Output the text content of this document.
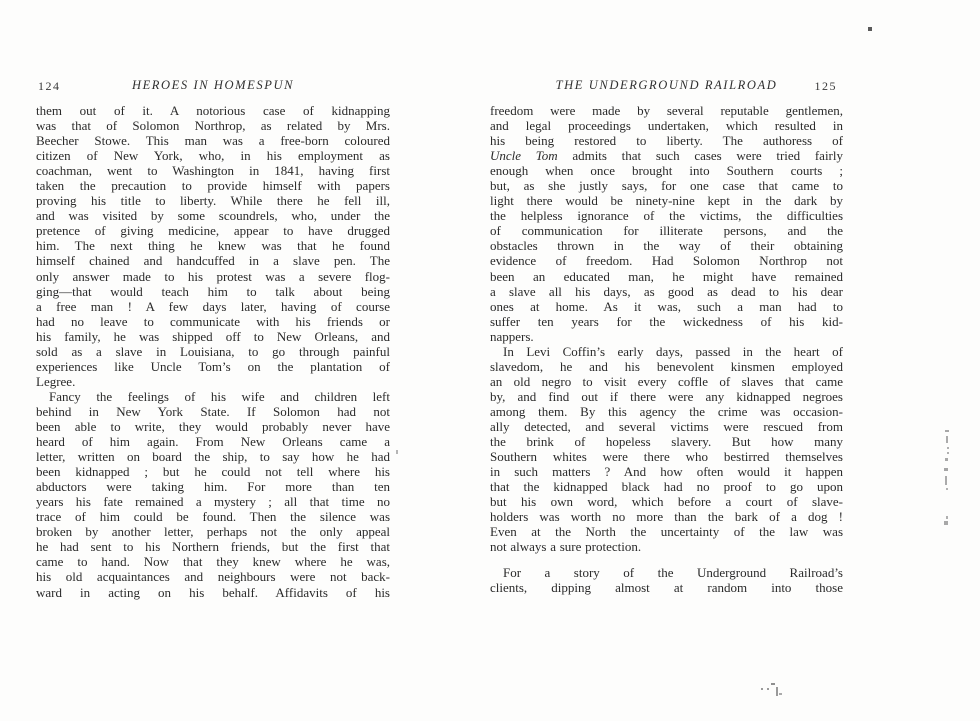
124	HEROES IN HOMESPUN
them out of it. A notorious case of kidnapping
was that of Solomon Northrop, as related by Mrs.
Beecher Stowe. This man was a free-born coloured
citizen of New York, who, in his employment as
coachman, went to Washington in 1841, having first
taken the precaution to provide himself with papers
proving his title to liberty. While there he fell ill,
and was visited by some scoundrels, who, under the
pretence of giving medicine, appear to have drugged
him. The next thing he knew was that he found
himself chained and handcuffed in a slave pen. The
only answer made to his protest was a severe flog-
ging—that would teach him to talk about being
a free man ! A few days later, having of course
had no leave to communicate with his friends or
his family, he was shipped off to New Orleans, and
sold as a slave in Louisiana, to go through painful
experiences like Uncle Tom’s on the plantation of
Legree.
Fancy the feelings of his wife and children left
behind in New York State. If Solomon had not
been able to write, they would probably never have
heard of him again. From New Orleans came a
letter, written on board the ship, to say how he had
been kidnapped ; but he could not tell where his
abductors were taking him. For more than ten
years his fate remained a mystery ; all that time no
trace of him could be found. Then the silence was
broken by another letter, perhaps not the only appeal
he had sent to his Northern friends, but the first that
came to hand. Now that they knew where he was,
his old acquaintances and neighbours were not back-
ward in acting on his behalf. Affidavits of his
THE UNDERGROUND RAILROAD	125
freedom were made by several reputable gentlemen,
and legal proceedings undertaken, which resulted in
his being restored to liberty. The authoress of
Uncle Tom admits that such cases were tried fairly
enough when once brought into Southern courts ;
but, as she justly says, for one case that came to
light there would be ninety-nine kept in the dark by
the helpless ignorance of the victims, the difficulties
of communication for illiterate persons, and the
obstacles thrown in the way of their obtaining
evidence of freedom. Had Solomon Northrop not
been an educated man, he might have remained
a slave all his days, as good as dead to his dear
ones at home. As it was, such a man had to
suffer ten years for the wickedness of his kid-
nappers.
In Levi Coffin’s early days, passed in the heart of
slavedom, he and his benevolent kinsmen employed
an old negro to visit every coffle of slaves that came
by, and find out if there were any kidnapped negroes
among them. By this agency the crime was occasion-
ally detected, and several victims were rescued from
the brink of hopeless slavery. But how many
Southern whites were there who bestirred themselves
in such matters ? And how often would it happen
that the kidnapped black had no proof to go upon
but his own word, which before a court of slave-
holders was worth no more than the bark of a dog !
Even at the North the uncertainty of the law was
not always a sure protection.
For a story of the Underground Railroad’s
clients, dipping almost at random into those
